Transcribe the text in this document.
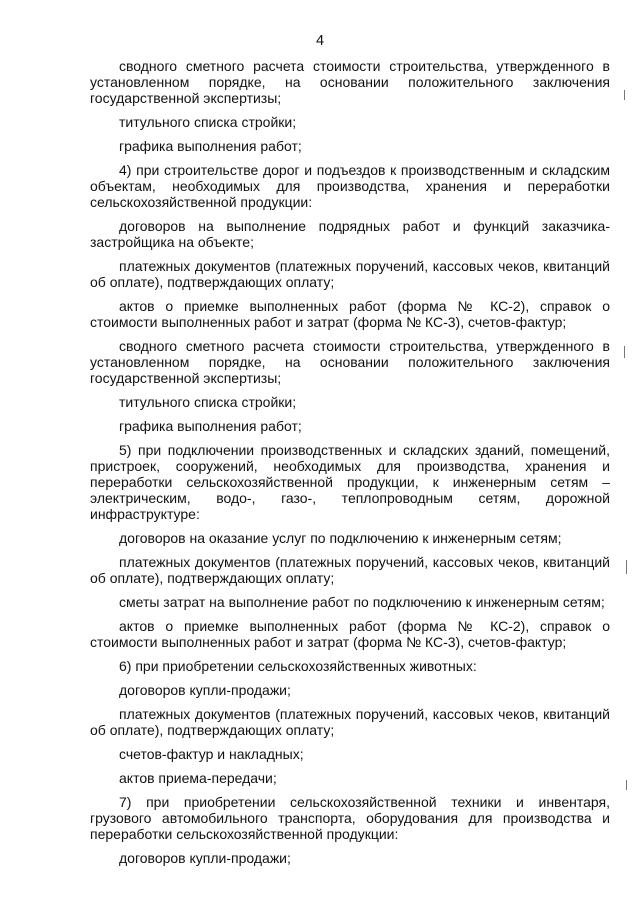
4

сводного сметного расчета стоимости строительства, утвержденного в установленном порядке, на основании положительного заключения государственной экспертизы;

титульного списка стройки;

графика выполнения работ;

4) при строительстве дорог и подъездов к производственным и складским объектам, необходимых для производства, хранения и переработки сельскохозяйственной продукции:

договоров на выполнение подрядных работ и функций заказчика-застройщика на объекте;

платежных документов (платежных поручений, кассовых чеков, квитанций об оплате), подтверждающих оплату;

актов о приемке выполненных работ (форма № КС-2), справок о стоимости выполненных работ и затрат (форма № КС-3), счетов-фактур;

сводного сметного расчета стоимости строительства, утвержденного в установленном порядке, на основании положительного заключения государственной экспертизы;

титульного списка стройки;

графика выполнения работ;

5) при подключении производственных и складских зданий, помещений, пристроек, сооружений, необходимых для производства, хранения и переработки сельскохозяйственной продукции, к инженерным сетям – электрическим, водо-, газо-, теплопроводным сетям, дорожной инфраструктуре:

договоров на оказание услуг по подключению к инженерным сетям;

платежных документов (платежных поручений, кассовых чеков, квитанций об оплате), подтверждающих оплату;

сметы затрат на выполнение работ по подключению к инженерным сетям;

актов о приемке выполненных работ (форма № КС-2), справок о стоимости выполненных работ и затрат (форма № КС-3), счетов-фактур;

6) при приобретении сельскохозяйственных животных:

договоров купли-продажи;

платежных документов (платежных поручений, кассовых чеков, квитанций об оплате), подтверждающих оплату;

счетов-фактур и накладных;

актов приема-передачи;

7) при приобретении сельскохозяйственной техники и инвентаря, грузового автомобильного транспорта, оборудования для производства и переработки сельскохозяйственной продукции:

договоров купли-продажи;
